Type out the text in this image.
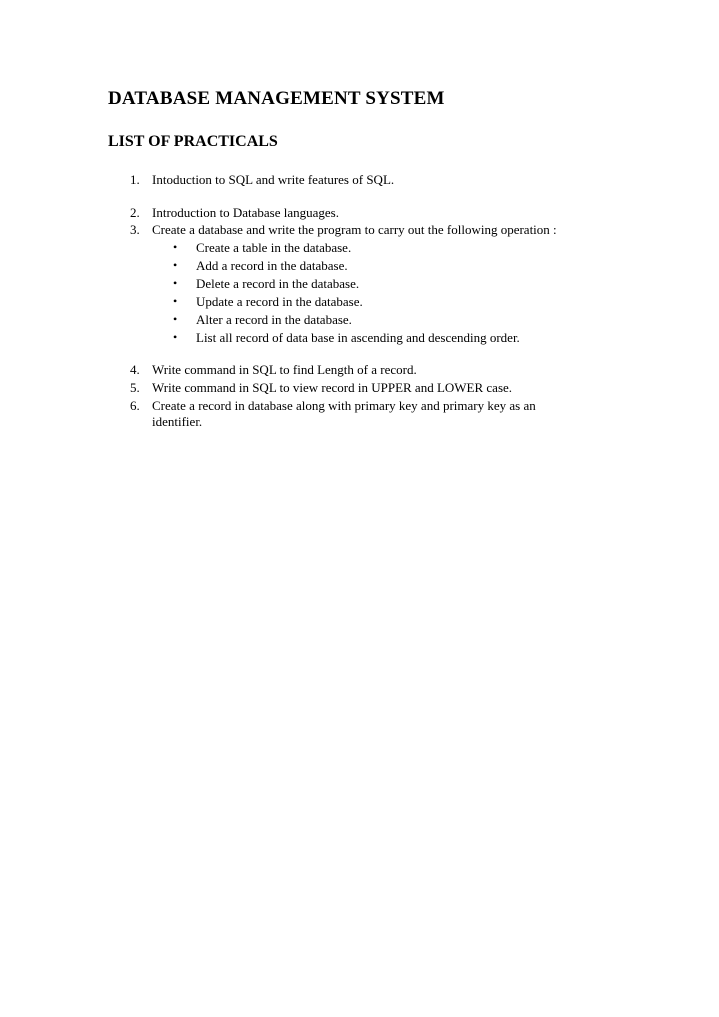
DATABASE MANAGEMENT SYSTEM
LIST OF PRACTICALS
1. Intoduction to SQL and write features of SQL.
2. Introduction to Database languages.
3. Create a database and write the program to carry out the following operation :
• Create a table in the database.
• Add a record in the database.
• Delete a record in the database.
• Update a record in the database.
• Alter a record in the database.
• List all record of data base in ascending and descending order.
4. Write command in SQL to find Length of a record.
5. Write command in SQL to view record in UPPER and LOWER case.
6. Create a record in database along with primary key and primary key as an
identifier.
